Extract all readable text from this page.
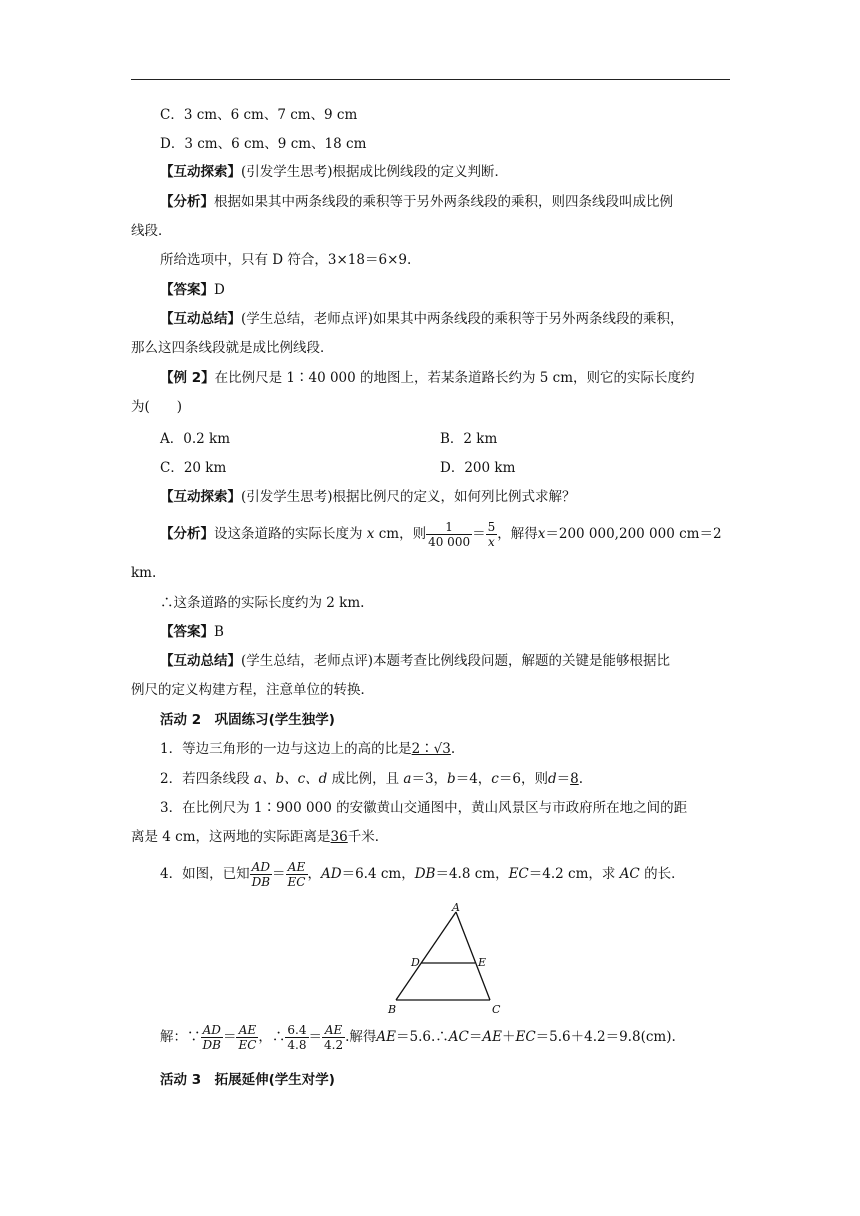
C．3 cm、6 cm、7 cm、9 cm
D．3 cm、6 cm、9 cm、18 cm
【互动探索】(引发学生思考)根据成比例线段的定义判断．
【分析】根据如果其中两条线段的乘积等于另外两条线段的乘积，则四条线段叫成比例
线段．
所给选项中，只有 D 符合，3×18＝6×9.
【答案】D
【互动总结】(学生总结，老师点评)如果其中两条线段的乘积等于另外两条线段的乘积，
那么这四条线段就是成比例线段．
【例 2】在比例尺是 1∶40 000 的地图上，若某条道路长约为 5 cm，则它的实际长度约
为(　　)
A．0.2 km	B．2 km
C．20 km	D．200 km
【互动探索】(引发学生思考)根据比例尺的定义，如何列比例式求解？
【分析】设这条道路的实际长度为 x cm，则 $\frac{1}{40 000} = \frac{5}{x}$ ，解得x＝200 000,200 000 cm＝2
km.
∴这条道路的实际长度约为 2 km.
【答案】B
【互动总结】(学生总结，老师点评)本题考查比例线段问题，解题的关键是能够根据比
例尺的定义构建方程，注意单位的转换．
活动 2　巩固练习(学生独学)
1．等边三角形的一边与这边上的高的比是2∶√3.
2．若四条线段 a、b、c、d 成比例，且 a＝3，b＝4，c＝6，则d＝8.
3．在比例尺为 1∶900 000 的安徽黄山交通图中，黄山风景区与市政府所在地之间的距
离是 4 cm，这两地的实际距离是36千米．
4．如图，已知 $\frac{AD}{DB} = \frac{AE}{EC}$ ，AD＝6.4 cm，DB＝4.8 cm，EC＝4.2 cm，求 AC 的长．
A
B	C
D	E
解：∵ $\frac{AD}{DB} = \frac{AE}{EC}$ ，∴ $\frac{6.4}{4.8} = \frac{AE}{4.2}$ .解得AE＝5.6.∴AC＝AE＋EC＝5.6＋4.2＝9.8(cm).
活动 3　拓展延伸(学生对学)
